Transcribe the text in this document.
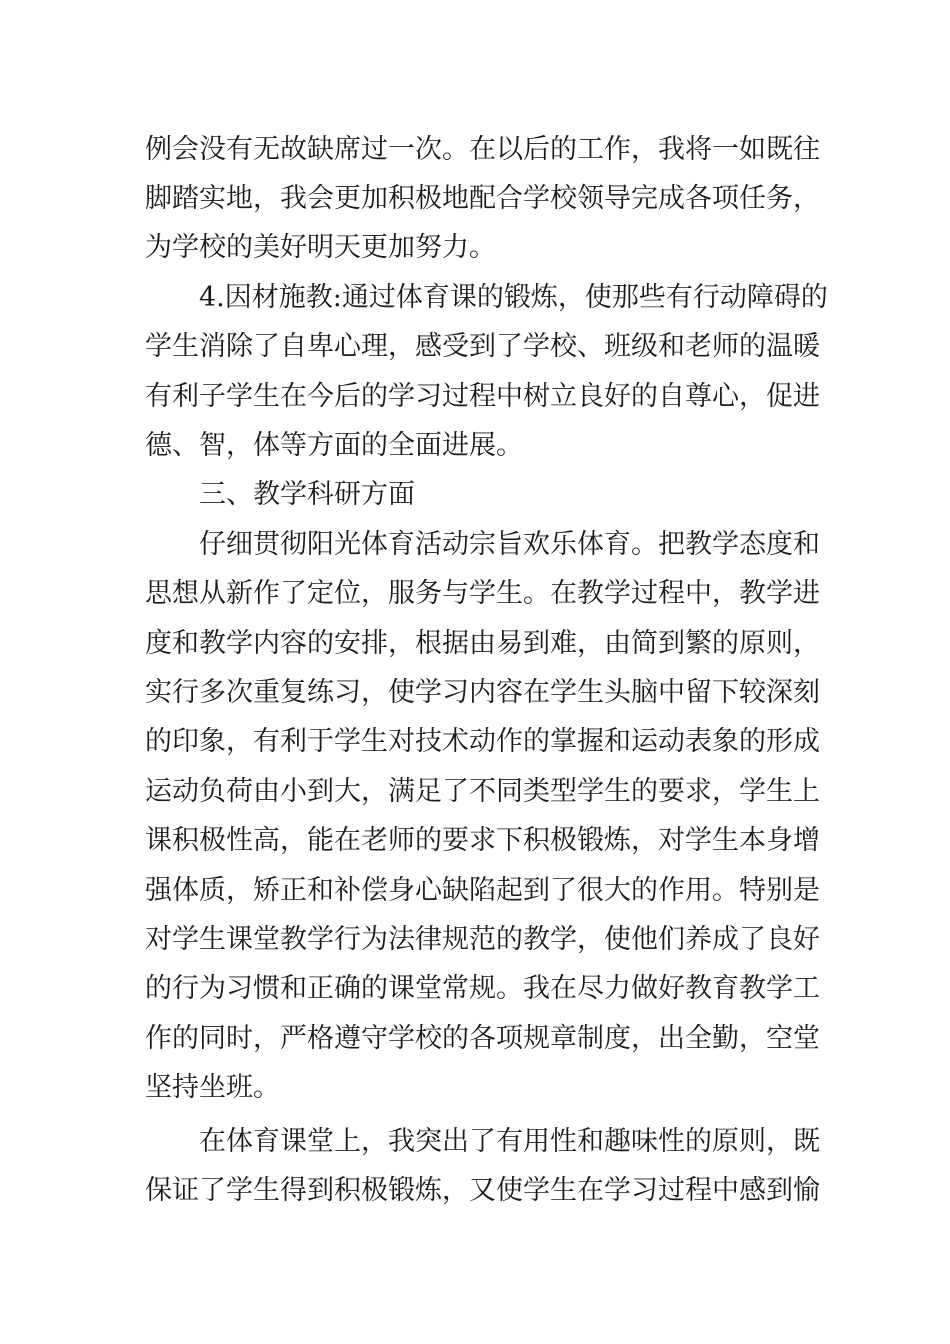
例会没有无故缺席过一次。在以后的工作，我将一如既往
脚踏实地，我会更加积极地配合学校领导完成各项任务，
为学校的美好明天更加努力。
4.因材施教:通过体育课的锻炼，使那些有行动障碍的
学生消除了自卑心理，感受到了学校、班级和老师的温暖
有利子学生在今后的学习过程中树立良好的自尊心，促进
德、智，体等方面的全面进展。
三、教学科研方面
仔细贯彻阳光体育活动宗旨欢乐体育。把教学态度和
思想从新作了定位，服务与学生。在教学过程中，教学进
度和教学内容的安排，根据由易到难，由简到繁的原则，
实行多次重复练习，使学习内容在学生头脑中留下较深刻
的印象，有利于学生对技术动作的掌握和运动表象的形成
运动负荷由小到大，满足了不同类型学生的要求，学生上
课积极性高，能在老师的要求下积极锻炼，对学生本身增
强体质，矫正和补偿身心缺陷起到了很大的作用。特别是
对学生课堂教学行为法律规范的教学，使他们养成了良好
的行为习惯和正确的课堂常规。我在尽力做好教育教学工
作的同时，严格遵守学校的各项规章制度，出全勤，空堂
坚持坐班。
在体育课堂上，我突出了有用性和趣味性的原则，既
保证了学生得到积极锻炼，又使学生在学习过程中感到愉
